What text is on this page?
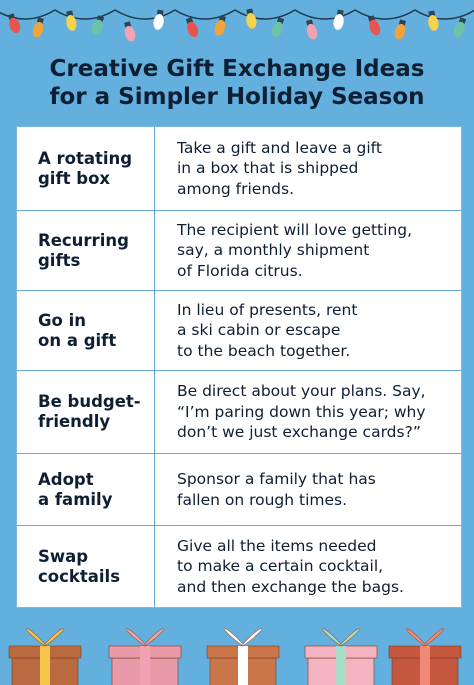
Creative Gift Exchange Ideas
for a Simpler Holiday Season
A rotating
gift box
Take a gift and leave a gift
in a box that is shipped
among friends.
Recurring
gifts
The recipient will love getting,
say, a monthly shipment
of Florida citrus.
Go in
on a gift
In lieu of presents, rent
a ski cabin or escape
to the beach together.
Be budget-
friendly
Be direct about your plans. Say,
“I’m paring down this year; why
don’t we just exchange cards?”
Adopt
a family
Sponsor a family that has
fallen on rough times.
Swap
cocktails
Give all the items needed
to make a certain cocktail,
and then exchange the bags.
